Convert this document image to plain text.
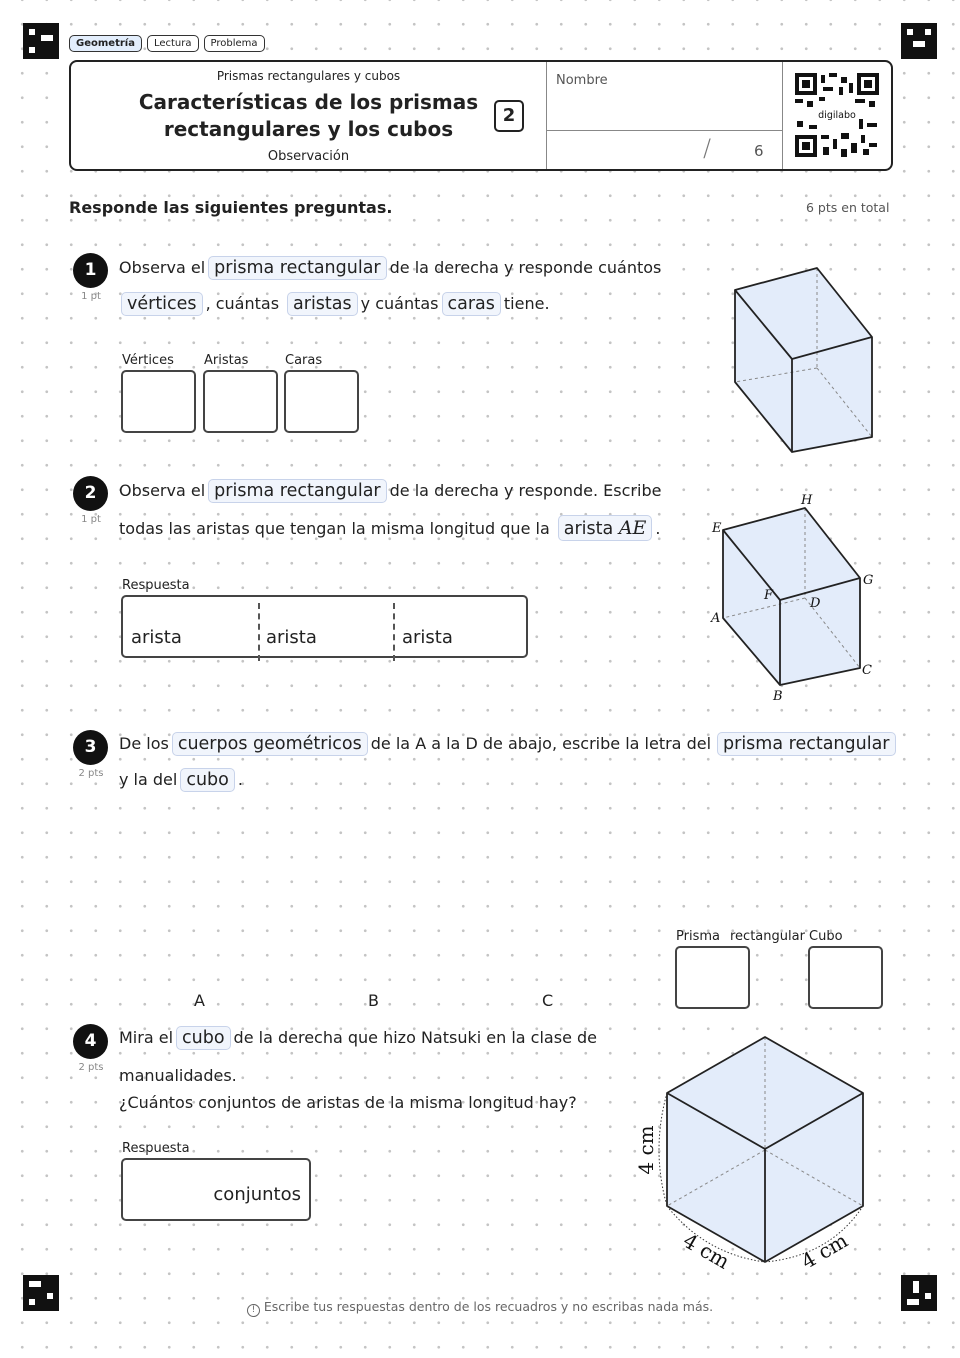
Geometría	Lectura	Problema
Prismas rectangulares y cubos
Características de los prismas
rectangulares y los cubos
Observación
2
Nombre
/	6
digilabo
Responde las siguientes preguntas.	6 pts en total
1
1 pt
Observa el prisma rectangular de la derecha y responde cuántos
vértices , cuántas aristas y cuántas caras tiene.
Vértices Aristas	Caras
2
1 pt
Observa el prisma rectangular de la derecha y responde. Escribe
todas las aristas que tengan la misma longitud que la arista AE .
Respuesta
arista	arista	arista
H
E
G
F
D
A
C
B
3
2 pts
De los cuerpos geométricos de la A a la D de abajo, escribe la letra del prisma rectangular
y la del cubo .
Prisma rectangular Cubo
A	B	C
4
2 pts
Mira el cubo de la derecha que hizo Natsuki en la clase de
manualidades.
¿Cuántos conjuntos de aristas de la misma longitud hay?
Respuesta
conjuntos
4 cm
4 cm	4 cm
! Escribe tus respuestas dentro de los recuadros y no escribas nada más.
